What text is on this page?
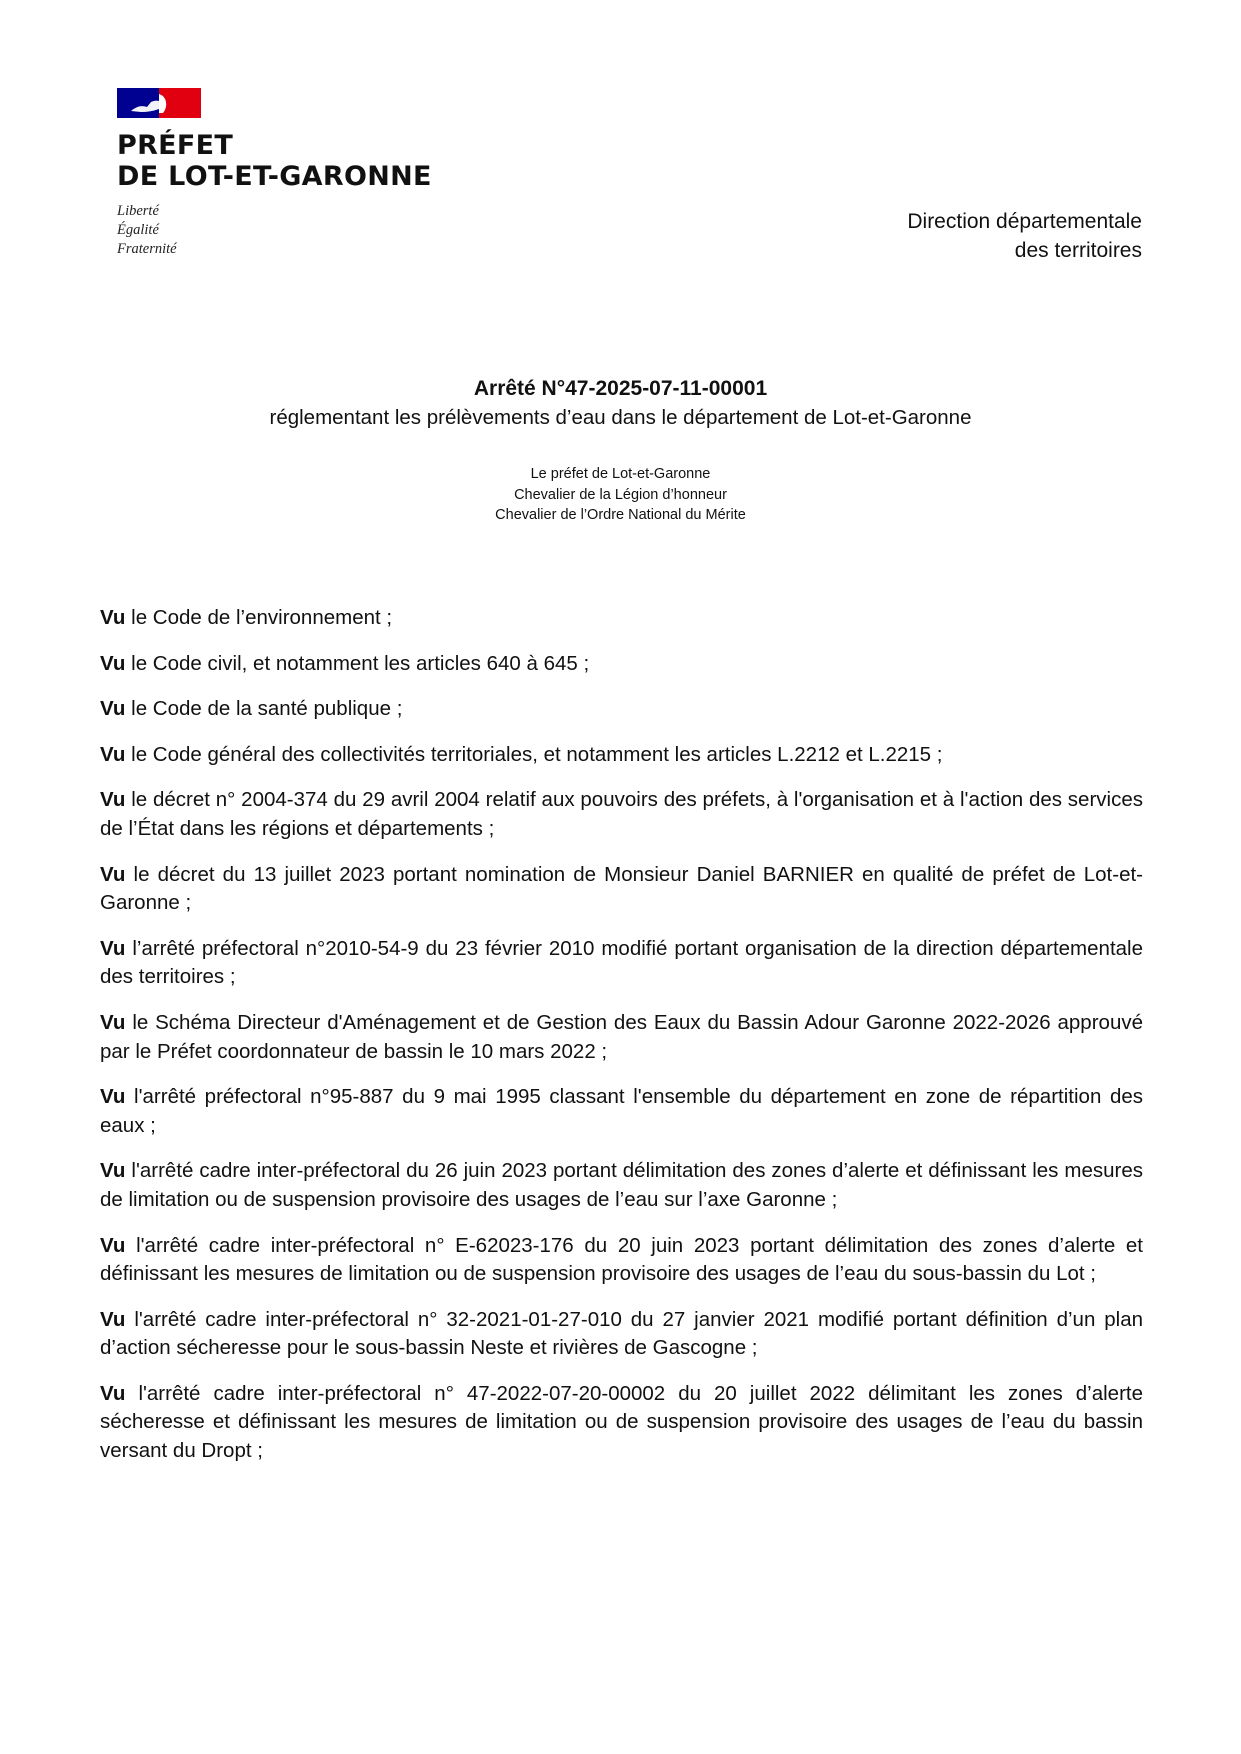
PRÉFET
DE LOT-ET-GARONNE
Liberté
Égalité
Fraternité
Direction départementale
des territoires
Arrêté N°47-2025-07-11-00001
réglementant les prélèvements d’eau dans le département de Lot-et-Garonne
Le préfet de Lot-et-Garonne
Chevalier de la Légion d’honneur
Chevalier de l’Ordre National du Mérite

Vu le Code de l’environnement ;

Vu le Code civil, et notamment les articles 640 à 645 ;

Vu le Code de la santé publique ;

Vu le Code général des collectivités territoriales, et notamment les articles L.2212 et L.2215 ;

Vu le décret n° 2004-374 du 29 avril 2004 relatif aux pouvoirs des préfets, à l'organisation et à l'action des services de l’État dans les régions et départements ;

Vu le décret du 13 juillet 2023 portant nomination de Monsieur Daniel BARNIER en qualité de préfet de Lot-et-Garonne ;

Vu l’arrêté préfectoral n°2010-54-9 du 23 février 2010 modifié portant organisation de la direction départementale des territoires ;

Vu le Schéma Directeur d'Aménagement et de Gestion des Eaux du Bassin Adour Garonne 2022-2026 approuvé par le Préfet coordonnateur de bassin le 10 mars 2022 ;

Vu l'arrêté préfectoral n°95-887 du 9 mai 1995 classant l'ensemble du département en zone de répartition des eaux ;

Vu l'arrêté cadre inter-préfectoral du 26 juin 2023 portant délimitation des zones d’alerte et définissant les mesures de limitation ou de suspension provisoire des usages de l’eau sur l’axe Garonne ;

Vu l'arrêté cadre inter-préfectoral n° E-62023-176 du 20 juin 2023 portant délimitation des zones d’alerte et définissant les mesures de limitation ou de suspension provisoire des usages de l’eau du sous-bassin du Lot ;

Vu l'arrêté cadre inter-préfectoral n° 32-2021-01-27-010 du 27 janvier 2021 modifié portant définition d’un plan d’action sécheresse pour le sous-bassin Neste et rivières de Gascogne ;

Vu l'arrêté cadre inter-préfectoral n° 47-2022-07-20-00002 du 20 juillet 2022 délimitant les zones d’alerte sécheresse et définissant les mesures de limitation ou de suspension provisoire des usages de l’eau du bassin versant du Dropt ;
